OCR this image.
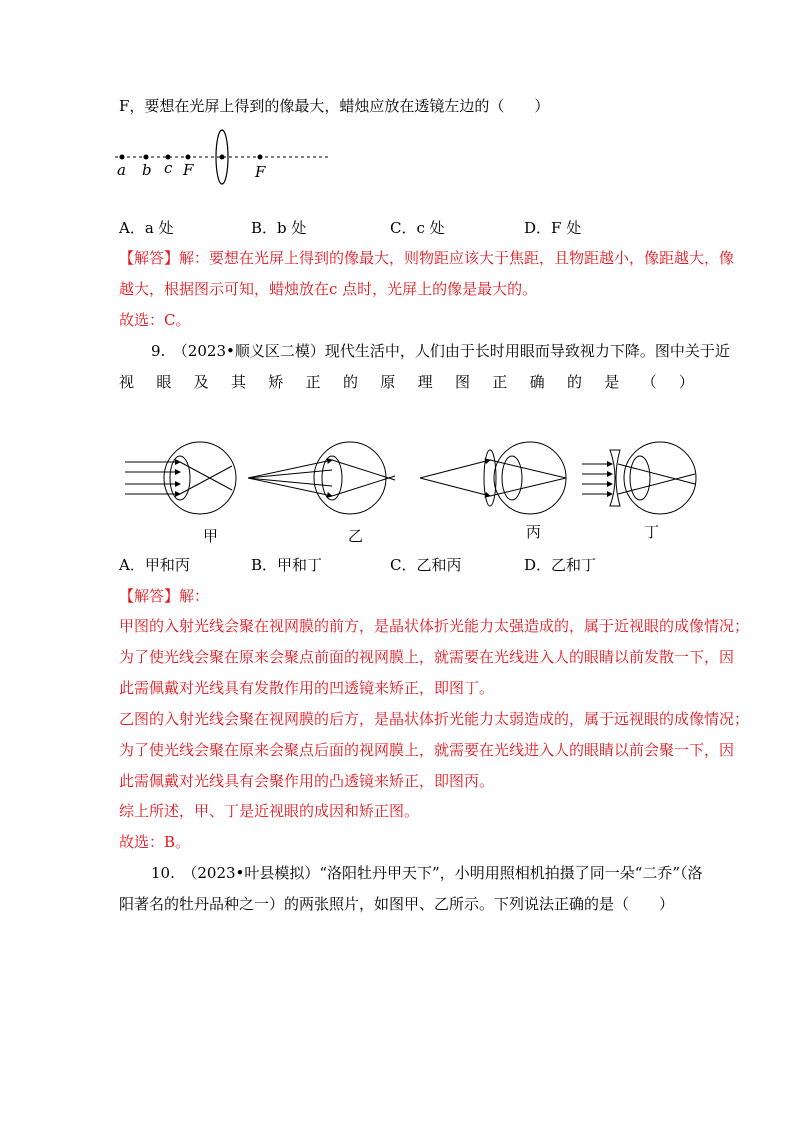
F，要想在光屏上得到的像最大，蜡烛应放在透镜左边的（　　）
a b c F	F
A．a 处	B．b 处	C．c 处	D．F 处
【解答】解：要想在光屏上得到的像最大，则物距应该大于焦距，且物距越小，像距越大，像
越大，根据图示可知，蜡烛放在c 点时，光屏上的像是最大的。
故选：C。
9.　（2023•顺义区二模）现代生活中，人们由于长时用眼而导致视力下降。图中关于近
视 眼 及 其 矫 正 的 原 理 图 正 确 的 是 （ ）
甲	乙	丙	丁
A．甲和丙	B．甲和丁	C．乙和丙	D．乙和丁
【解答】解：
甲图的入射光线会聚在视网膜的前方，是晶状体折光能力太强造成的，属于近视眼的成像情况；
为了使光线会聚在原来会聚点前面的视网膜上，就需要在光线进入人的眼睛以前发散一下，因
此需佩戴对光线具有发散作用的凹透镜来矫正，即图丁。
乙图的入射光线会聚在视网膜的后方，是晶状体折光能力太弱造成的，属于远视眼的成像情况；
为了使光线会聚在原来会聚点后面的视网膜上，就需要在光线进入人的眼睛以前会聚一下，因
此需佩戴对光线具有会聚作用的凸透镜来矫正，即图丙。
综上所述，甲、丁是近视眼的成因和矫正图。
故选：B。
10.　（2023•叶县模拟）“洛阳牡丹甲天下”，小明用照相机拍摄了同一朵“二乔”（洛
阳著名的牡丹品种之一）的两张照片，如图甲、乙所示。下列说法正确的是（　　）
